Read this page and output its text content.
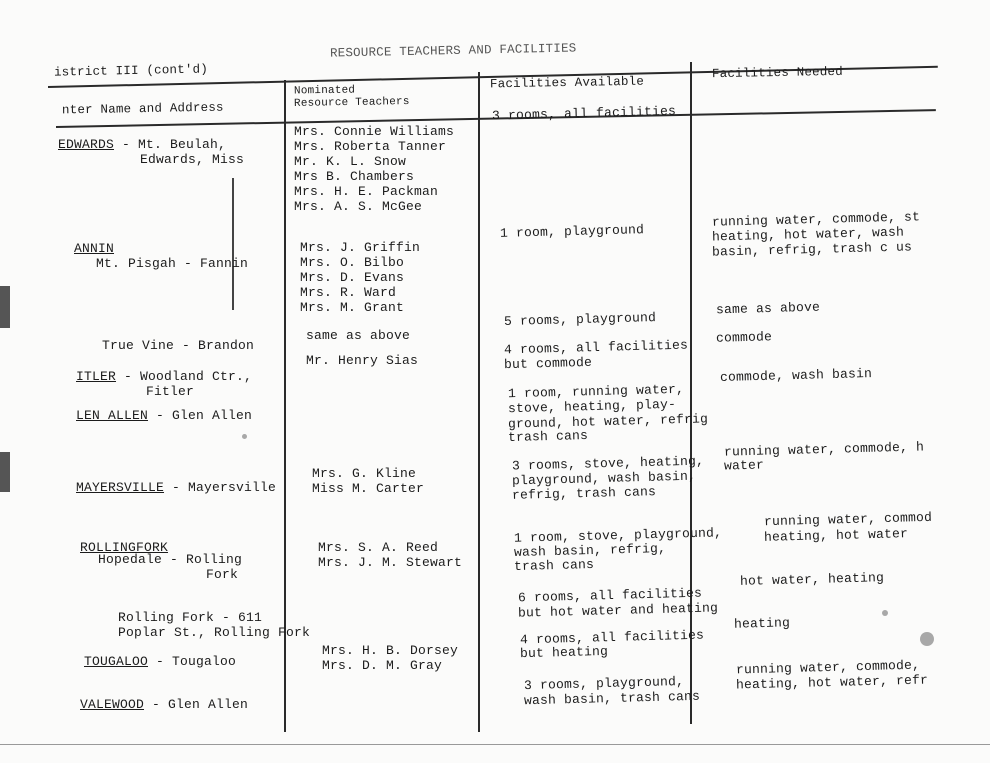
RESOURCE TEACHERS AND FACILITIES
istrict III (cont'd)
nter Name and Address
Nominated
Resource Teachers
Facilities Available
Facilities Needed
EDWARDS - Mt. Beulah,
Edwards, Miss
ANNIN
Mt. Pisgah - Fannin
True Vine - Brandon
ITLER - Woodland Ctr.,
Fitler
LEN ALLEN - Glen Allen
MAYERSVILLE - Mayersville
ROLLINGFORK
Hopedale - Rolling
Fork
Rolling Fork - 611
Poplar St., Rolling Fork
TOUGALOO - Tougaloo
VALEWOOD - Glen Allen
Mrs. Connie Williams
Mrs. Roberta Tanner
Mr. K. L. Snow
Mrs B. Chambers
Mrs. H. E. Packman
Mrs. A. S. McGee
Mrs. J. Griffin
Mrs. O. Bilbo
Mrs. D. Evans
Mrs. R. Ward
Mrs. M. Grant
same as above
Mr. Henry Sias
Mrs. G. Kline
Miss M. Carter
Mrs. S. A. Reed
Mrs. J. M. Stewart
Mrs. H. B. Dorsey
Mrs. D. M. Gray
3 rooms, all facilities
1 room, playground
5 rooms, playground
4 rooms, all facilities
but commode
1 room, running water,
stove, heating, play-
ground, hot water, refrig
trash cans
3 rooms, stove, heating,
playground, wash basin,
refrig, trash cans
1 room, stove, playground,
wash basin, refrig,
trash cans
6 rooms, all facilities
but hot water and heating
4 rooms, all facilities
but heating
3 rooms, playground,
wash basin, trash cans
running water, commode, st
heating, hot water, wash
basin, refrig, trash c us
same as above
commode
commode, wash basin
running water, commode, h
water
running water, commod
heating, hot water
hot water, heating
heating
running water, commode,
heating, hot water, refr
